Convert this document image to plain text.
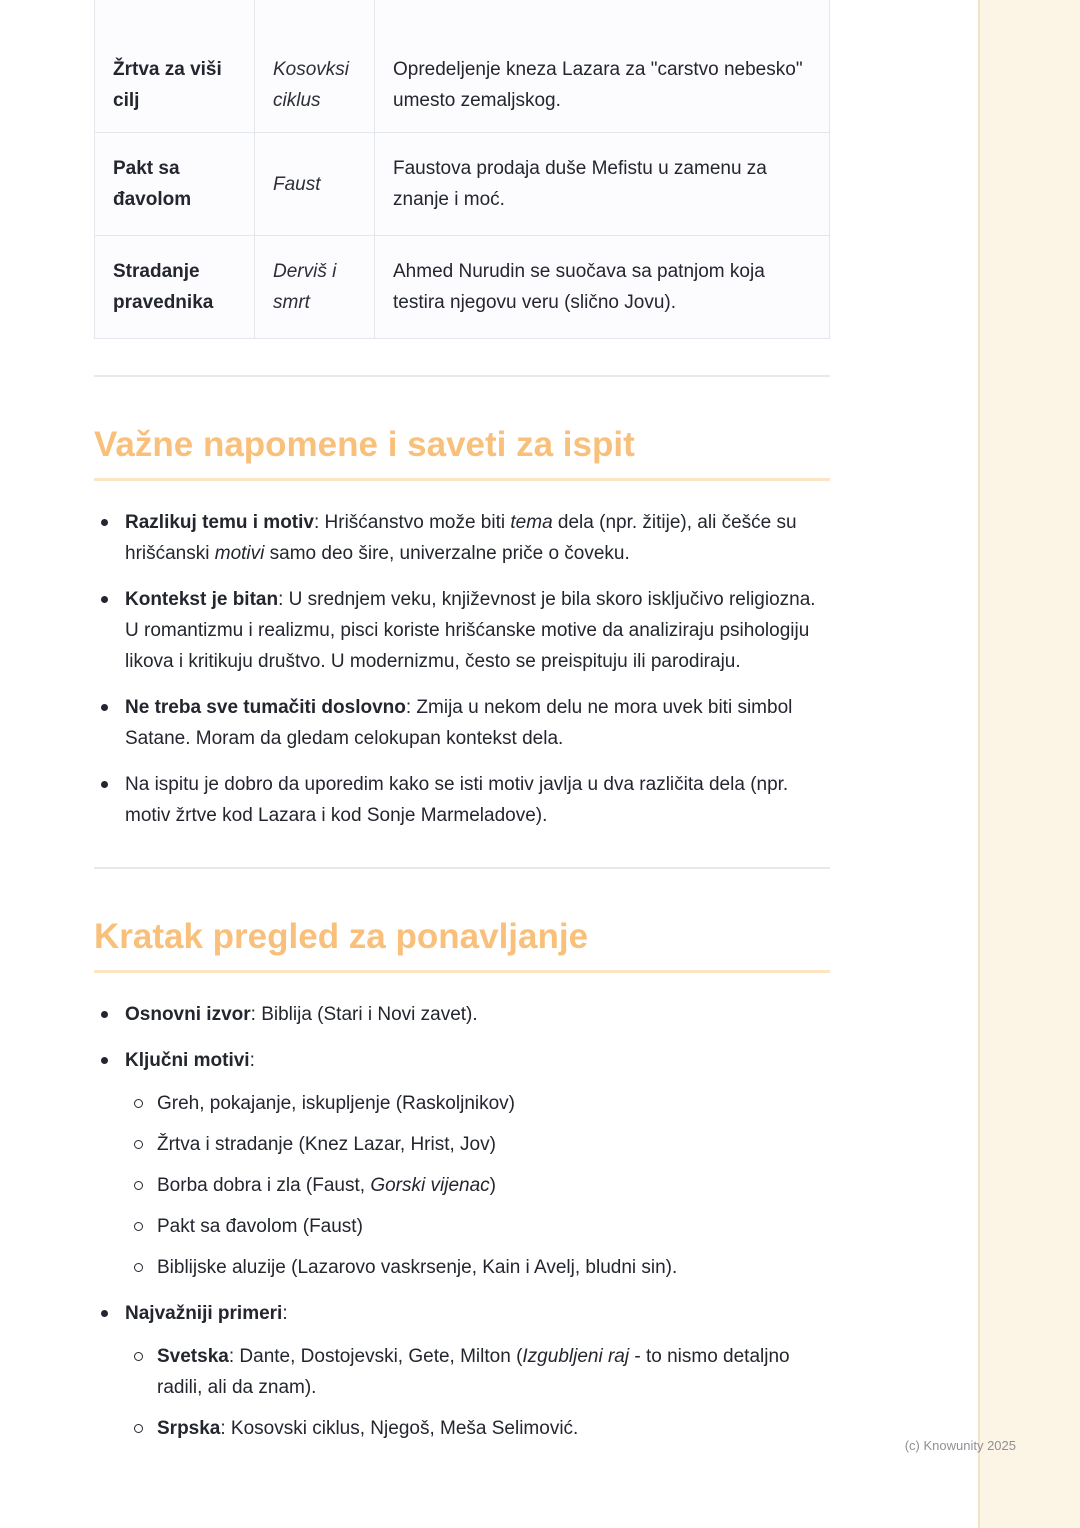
Žrtva za viši cilj	Kosovksi ciklus	Opredeljenje kneza Lazara za "carstvo nebesko" umesto zemaljskog.
Pakt sa đavolom	Faust	Faustova prodaja duše Mefistu u zamenu za znanje i moć.
Stradanje pravednika	Derviš i smrt	Ahmed Nurudin se suočava sa patnjom koja testira njegovu veru (slično Jovu).
Važne napomene i saveti za ispit
Razlikuj temu i motiv: Hrišćanstvo može biti tema dela (npr. žitije), ali češće su hrišćanski motivi samo deo šire, univerzalne priče o čoveku.
Kontekst je bitan: U srednjem veku, književnost je bila skoro isključivo religiozna. U romantizmu i realizmu, pisci koriste hrišćanske motive da analiziraju psihologiju likova i kritikuju društvo. U modernizmu, često se preispituju ili parodiraju.
Ne treba sve tumačiti doslovno: Zmija u nekom delu ne mora uvek biti simbol Satane. Moram da gledam celokupan kontekst dela.
Na ispitu je dobro da uporedim kako se isti motiv javlja u dva različita dela (npr. motiv žrtve kod Lazara i kod Sonje Marmeladove).
Kratak pregled za ponavljanje
Osnovni izvor: Biblija (Stari i Novi zavet).
Ključni motivi:
Greh, pokajanje, iskupljenje (Raskoljnikov)
Žrtva i stradanje (Knez Lazar, Hrist, Jov)
Borba dobra i zla (Faust, Gorski vijenac)
Pakt sa đavolom (Faust)
Biblijske aluzije (Lazarovo vaskrsenje, Kain i Avelj, bludni sin).
Najvažniji primeri:
Svetska: Dante, Dostojevski, Gete, Milton (Izgubljeni raj - to nismo detaljno radili, ali da znam).
Srpska: Kosovski ciklus, Njegoš, Meša Selimović.
(c) Knowunity 2025
